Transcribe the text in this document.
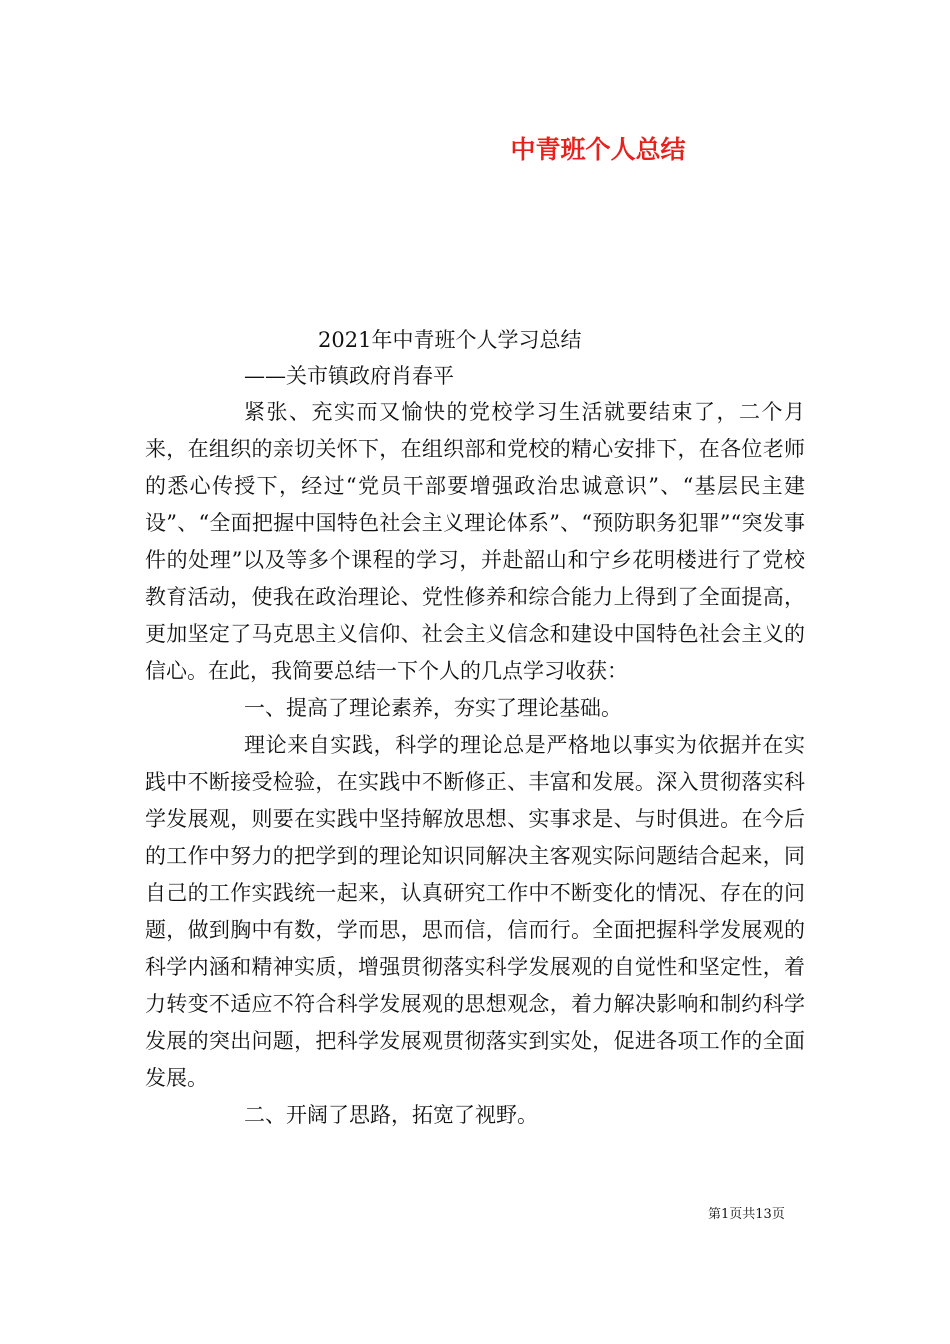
中青班个人总结
2021年中青班个人学习总结
——关市镇政府肖春平

紧张、充实而又愉快的党校学习生活就要结束了，二个月来，在组织的亲切关怀下，在组织部和党校的精心安排下，在各位老师的悉心传授下，经过“党员干部要增强政治忠诚意识”、“基层民主建设”、“全面把握中国特色社会主义理论体系”、“预防职务犯罪”“突发事件的处理”以及等多个课程的学习，并赴韶山和宁乡花明楼进行了党校教育活动，使我在政治理论、党性修养和综合能力上得到了全面提高，更加坚定了马克思主义信仰、社会主义信念和建设中国特色社会主义的信心。在此，我简要总结一下个人的几点学习收获：

一、提高了理论素养，夯实了理论基础。

理论来自实践，科学的理论总是严格地以事实为依据并在实践中不断接受检验，在实践中不断修正、丰富和发展。深入贯彻落实科学发展观，则要在实践中坚持解放思想、实事求是、与时俱进。在今后的工作中努力的把学到的理论知识同解决主客观实际问题结合起来，同自己的工作实践统一起来，认真研究工作中不断变化的情况、存在的问题，做到胸中有数，学而思，思而信，信而行。全面把握科学发展观的科学内涵和精神实质，增强贯彻落实科学发展观的自觉性和坚定性，着力转变不适应不符合科学发展观的思想观念，着力解决影响和制约科学发展的突出问题，把科学发展观贯彻落实到实处，促进各项工作的全面发展。

二、开阔了思路，拓宽了视野。

第1页共13页
